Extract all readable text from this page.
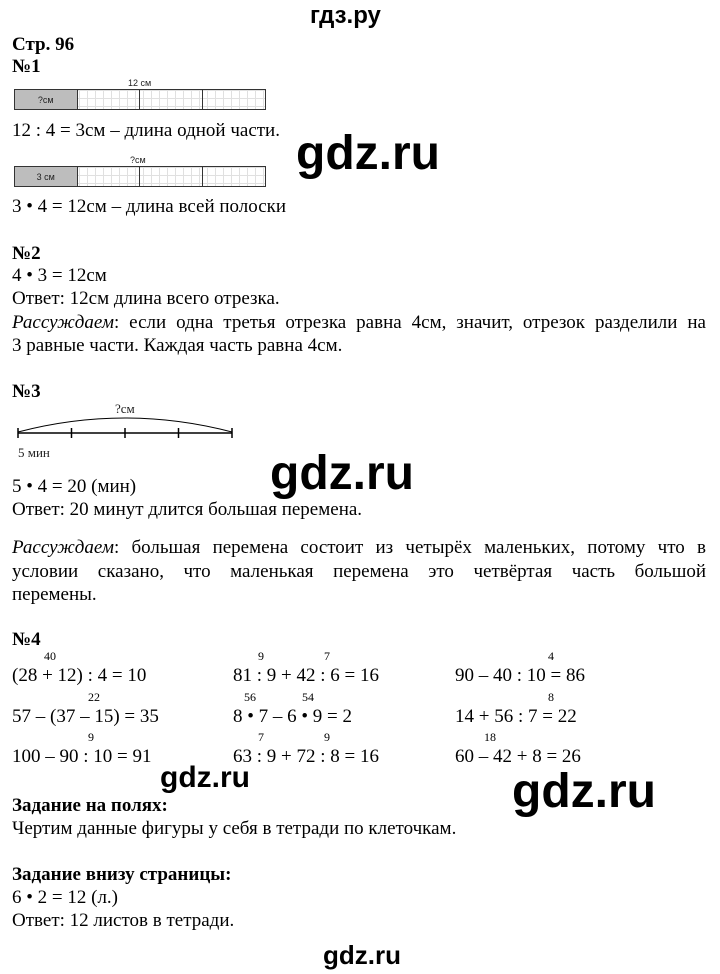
гдз.ру
Стр. 96
№1
12 см
?см
12 : 4 = 3см – длина одной части.
?см
3 см
3 • 4 = 12см – длина всей полоски
gdz.ru
№2
4 • 3 = 12см
Ответ: 12см длина всего отрезка.
Рассуждаем: если одна третья отрезка равна 4см, значит, отрезок разделили на
3 равные части. Каждая часть равна 4см.
№3
?см
5 мин
5 • 4 = 20 (мин)
Ответ: 20 минут длится большая перемена.
gdz.ru
Рассуждаем: большая перемена состоит из четырёх маленьких, потому что в
условии сказано, что маленькая перемена это четвёртая часть большой
перемены.
№4
40
(28 + 12) : 4 = 10
22
57 – (37 – 15) = 35
9
100 – 90 : 10 = 91
9	7
81 : 9 + 42 : 6 = 16
56	54
8 • 7 – 6 • 9 = 2
7	9
63 : 9 + 72 : 8 = 16
4
90 – 40 : 10 = 86
8
14 + 56 : 7 = 22
18
60 – 42 + 8 = 26
gdz.ru	gdz.ru
Задание на полях:
Чертим данные фигуры у себя в тетради по клеточкам.
Задание внизу страницы:
6 • 2 = 12 (л.)
Ответ: 12 листов в тетради.
gdz.ru
